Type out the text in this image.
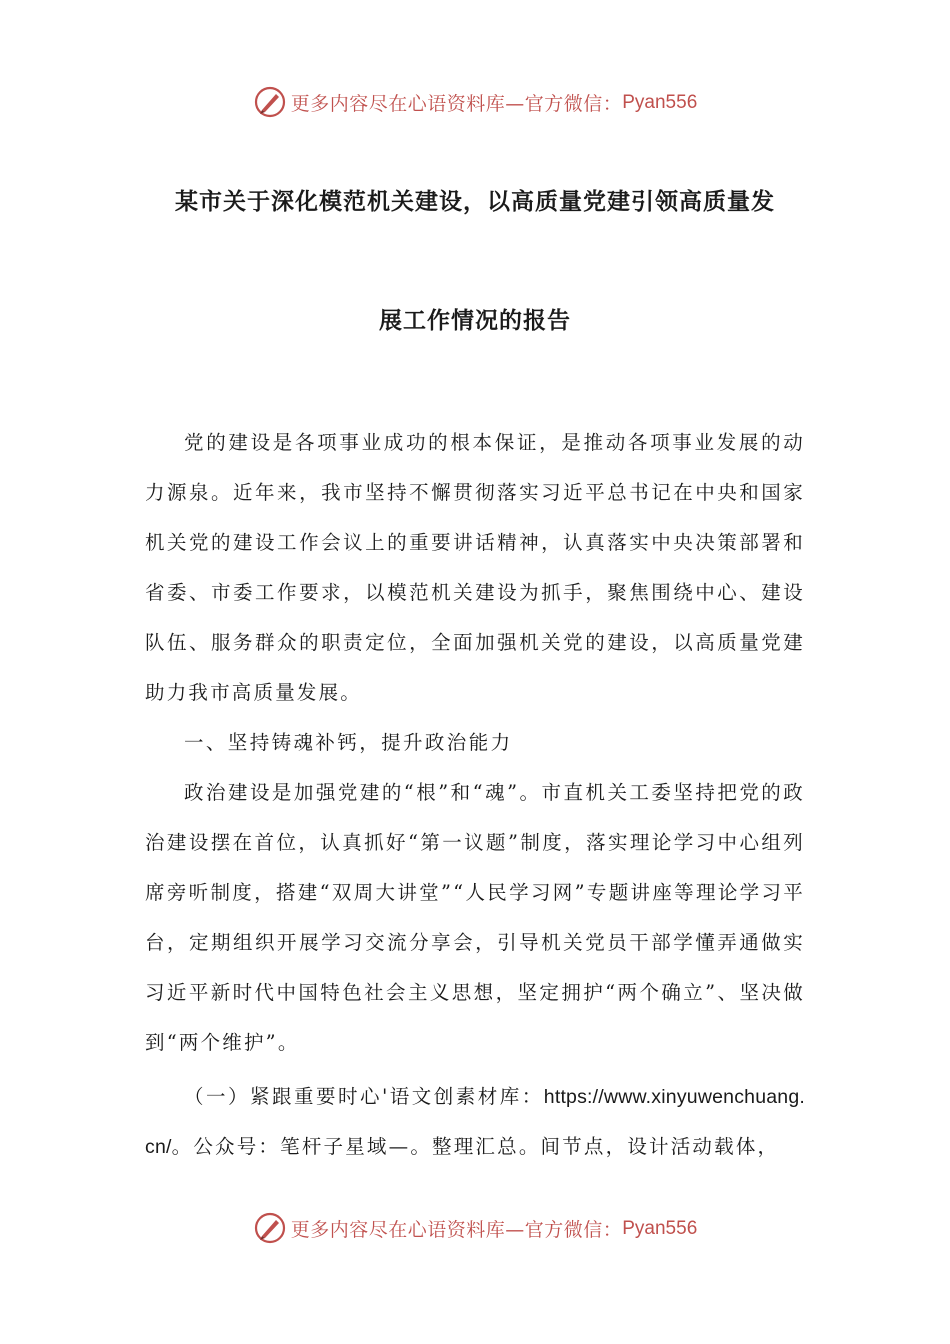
更多内容尽在心语资料库—官方微信： Pyan556
某市关于深化模范机关建设，以高质量党建引领高质量发
展工作情况的报告

党的建设是各项事业成功的根本保证，是推动各项事业发展的动力源泉。近年来，我市坚持不懈贯彻落实习近平总书记在中央和国家机关党的建设工作会议上的重要讲话精神，认真落实中央决策部署和省委、市委工作要求，以模范机关建设为抓手，聚焦围绕中心、建设队伍、服务群众的职责定位，全面加强机关党的建设，以高质量党建助力我市高质量发展。

一、坚持铸魂补钙，提升政治能力

政治建设是加强党建的“根”和“魂”。市直机关工委坚持把党的政治建设摆在首位，认真抓好“第一议题”制度，落实理论学习中心组列席旁听制度，搭建“双周大讲堂”“人民学习网”专题讲座等理论学习平台，定期组织开展学习交流分享会，引导机关党员干部学懂弄通做实习近平新时代中国特色社会主义思想，坚定拥护“两个确立”、坚决做到“两个维护”。

（一）紧跟重要时心'语文创素材库：https://www.xinyuwenchuang.cn/。公众号：笔杆子星域—。整理汇总。间节点，设计活动载体，

更多内容尽在心语资料库—官方微信： Pyan556
